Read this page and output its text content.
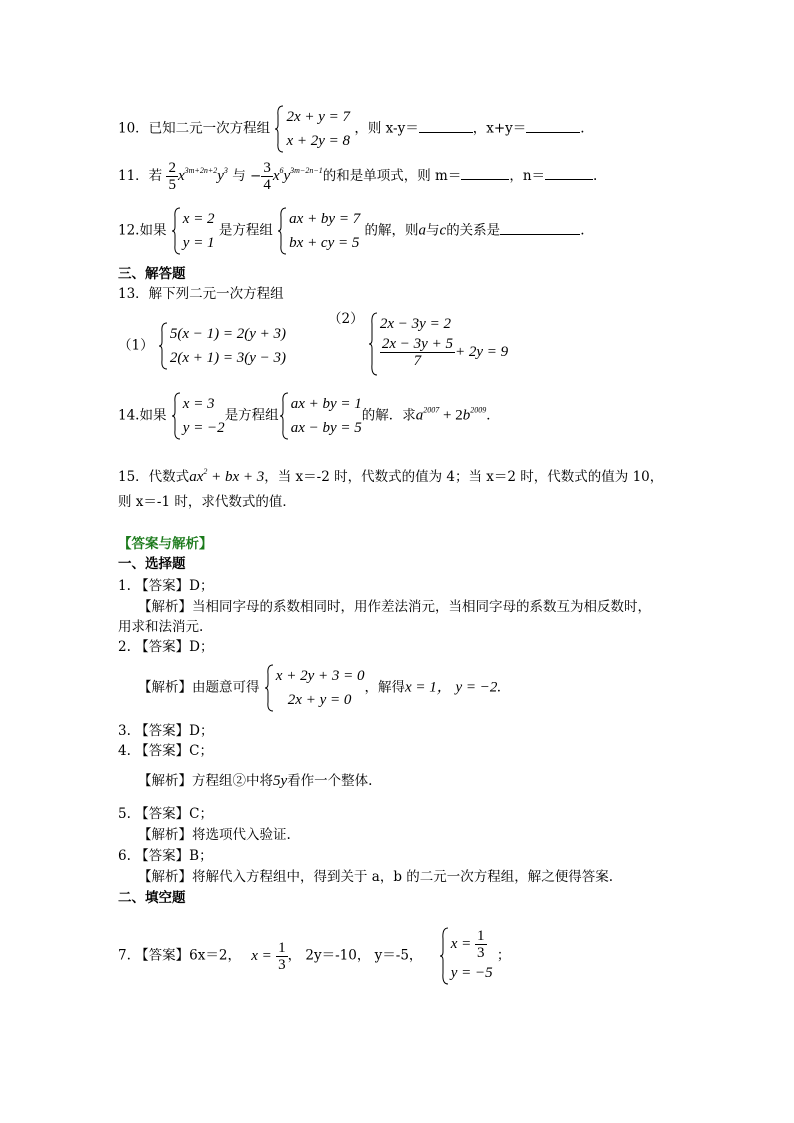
10．已知二元一次方程组
2x + y = 7
x + 2y = 8
，则 x-y＝	，x+y＝	.
11．若 $\frac{2}{5} x^{3m+2n+2}y^3$ 与 − $\frac{3}{4} x^6y^{3m-2n-1}$的和是单项式，则 m＝	，n＝	.
12.如果
x = 2
y = 1
是方程组
ax + by = 7
bx + cy = 5
的解，则a与c的关系是	.
三、解答题
13．解下列二元一次方程组
（1）
5(x − 1) = 2(y + 3)
2(x + 1) = 3(y − 3)
（2） 2x − 3y = 2
$\frac{2x - 3y + 5}{7} + 2y = 9$
14.如果
x = 3
y = −2
是方程组
ax + by = 1
ax − by = 5
的解．求$a^{2007} + 2b^{2009}$．
15．代数式$ax^2$ + bx + 3，当 x＝-2 时，代数式的值为 4；当 x＝2 时，代数式的值为 10，
则 x＝-1 时，求代数式的值．
【答案与解析】
一、选择题
1. 【答案】D；
【解析】当相同字母的系数相同时，用作差法消元，当相同字母的系数互为相反数时，
用求和法消元.
2. 【答案】D；
【解析】由题意可得
x + 2y + 3 = 0
2x + y = 0
，解得x = 1， y = −2.
3. 【答案】D；
4. 【答案】C；
【解析】方程组②中将5y看作一个整体.
5. 【答案】C；
【解析】将选项代入验证.
6. 【答案】B；
【解析】将解代入方程组中，得到关于 a，b 的二元一次方程组，解之便得答案.
二、填空题
7. 【答案】6x＝2， $x = \frac{1}{3}$ ， 2y＝-10， y＝-5，
$x = \frac{1}{3}$
y = −5
；
